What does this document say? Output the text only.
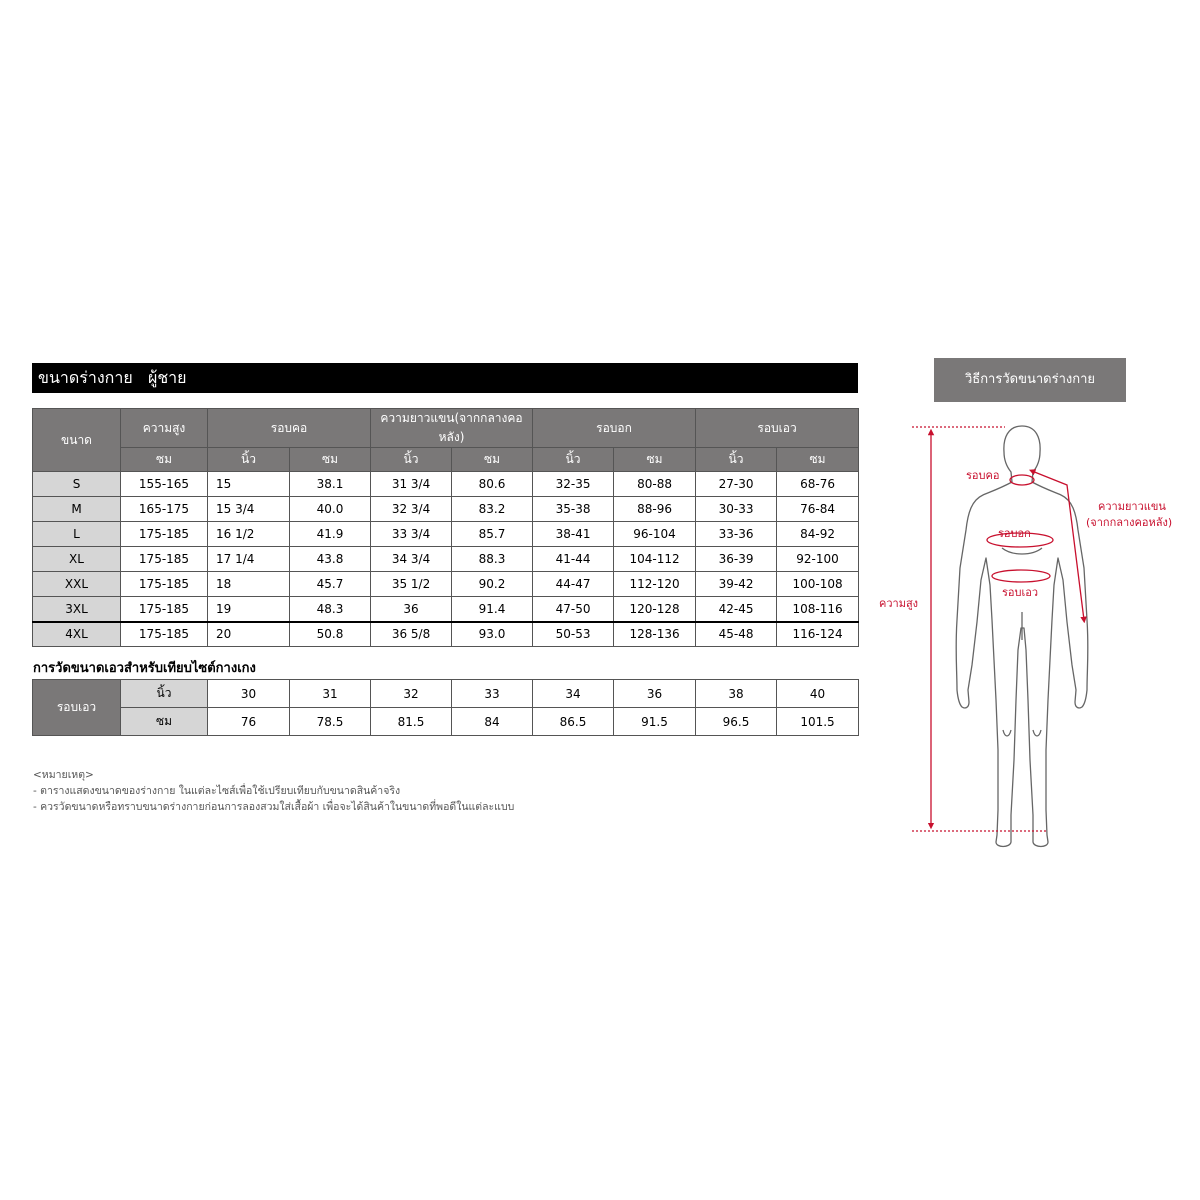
ขนาดร่างกาย   ผู้ชาย
ขนาด	ความสูง	รอบคอ		ความยาวแขน(จากกลางคอหลัง)		รอบอก		รอบเอว	
	ซม	นิ้ว	ซม	นิ้ว	ซม	นิ้ว	ซม	นิ้ว	ซม
S	155-165	15	38.1	31 3/4	80.6	32-35	80-88	27-30	68-76
M	165-175	15 3/4	40.0	32 3/4	83.2	35-38	88-96	30-33	76-84
L	175-185	16 1/2	41.9	33 3/4	85.7	38-41	96-104	33-36	84-92
XL	175-185	17 1/4	43.8	34 3/4	88.3	41-44	104-112	36-39	92-100
XXL	175-185	18	45.7	35 1/2	90.2	44-47	112-120	39-42	100-108
3XL	175-185	19	48.3	36	91.4	47-50	120-128	42-45	108-116
4XL	175-185	20	50.8	36 5/8	93.0	50-53	128-136	45-48	116-124
การวัดขนาดเอวสำหรับเทียบไซต์กางเกง
รอบเอว	นิ้ว	30	31	32	33	34	36	38	40
	ซม	76	78.5	81.5	84	86.5	91.5	96.5	101.5
<หมายเหตุ>
- ตารางแสดงขนาดของร่างกาย ในแต่ละไซส์เพื่อใช้เปรียบเทียบกับขนาดสินค้าจริง
- ควรวัดขนาดหรือทราบขนาดร่างกายก่อนการลองสวมใส่เสื้อผ้า เพื่อจะได้สินค้าในขนาดที่พอดีในแต่ละแบบ
วิธีการวัดขนาดร่างกาย
รอบคอ
ความยาวแขน
(จากกลางคอหลัง)
รอบอก
รอบเอว
ความสูง
